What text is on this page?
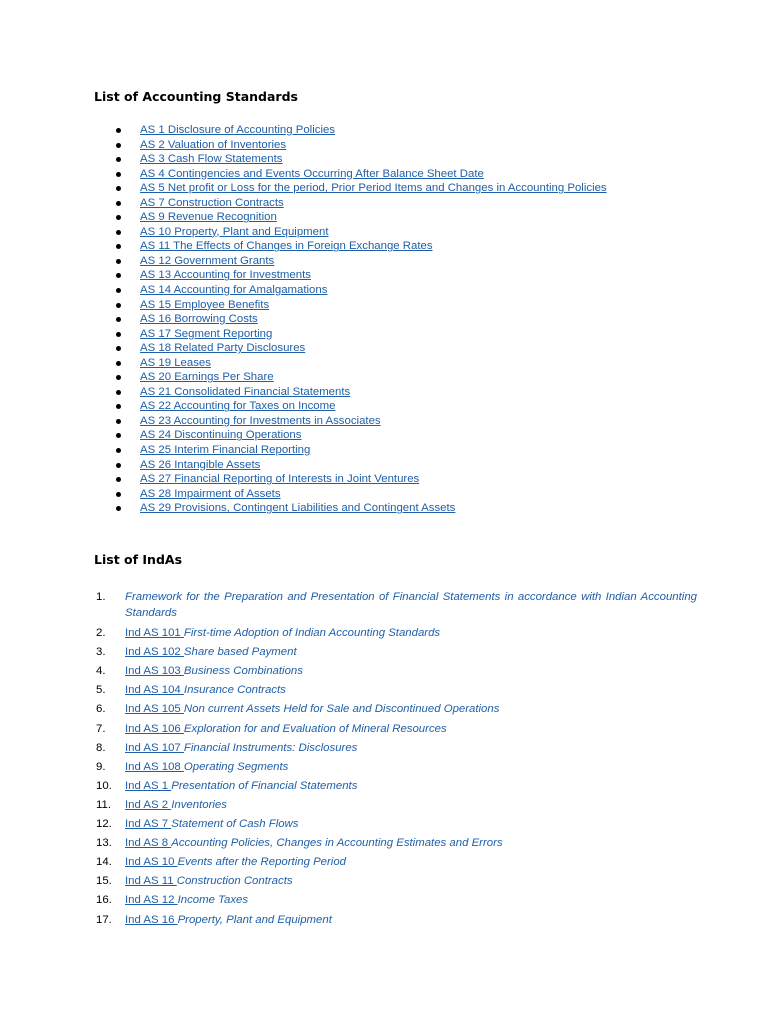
List of Accounting Standards
AS 1 Disclosure of Accounting Policies
AS 2 Valuation of Inventories
AS 3 Cash Flow Statements
AS 4 Contingencies and Events Occurring After Balance Sheet Date
AS 5 Net profit or Loss for the period, Prior Period Items and Changes in Accounting Policies
AS 7 Construction Contracts
AS 9 Revenue Recognition
AS 10 Property, Plant and Equipment
AS 11 The Effects of Changes in Foreign Exchange Rates
AS 12 Government Grants
AS 13 Accounting for Investments
AS 14 Accounting for Amalgamations
AS 15 Employee Benefits
AS 16 Borrowing Costs
AS 17 Segment Reporting
AS 18 Related Party Disclosures
AS 19 Leases
AS 20 Earnings Per Share
AS 21 Consolidated Financial Statements
AS 22 Accounting for Taxes on Income
AS 23 Accounting for Investments in Associates
AS 24 Discontinuing Operations
AS 25 Interim Financial Reporting
AS 26 Intangible Assets
AS 27 Financial Reporting of Interests in Joint Ventures
AS 28 Impairment of Assets
AS 29 Provisions, Contingent Liabilities and Contingent Assets
List of IndAs
1. Framework for the Preparation and Presentation of Financial Statements in accordance with Indian Accounting Standards
2. Ind AS 101 First-time Adoption of Indian Accounting Standards
3. Ind AS 102 Share based Payment
4. Ind AS 103 Business Combinations
5. Ind AS 104 Insurance Contracts
6. Ind AS 105 Non current Assets Held for Sale and Discontinued Operations
7. Ind AS 106 Exploration for and Evaluation of Mineral Resources
8. Ind AS 107 Financial Instruments: Disclosures
9. Ind AS 108 Operating Segments
10. Ind AS 1 Presentation of Financial Statements
11. Ind AS 2 Inventories
12. Ind AS 7 Statement of Cash Flows
13. Ind AS 8 Accounting Policies, Changes in Accounting Estimates and Errors
14. Ind AS 10 Events after the Reporting Period
15. Ind AS 11 Construction Contracts
16. Ind AS 12 Income Taxes
17. Ind AS 16 Property, Plant and Equipment
